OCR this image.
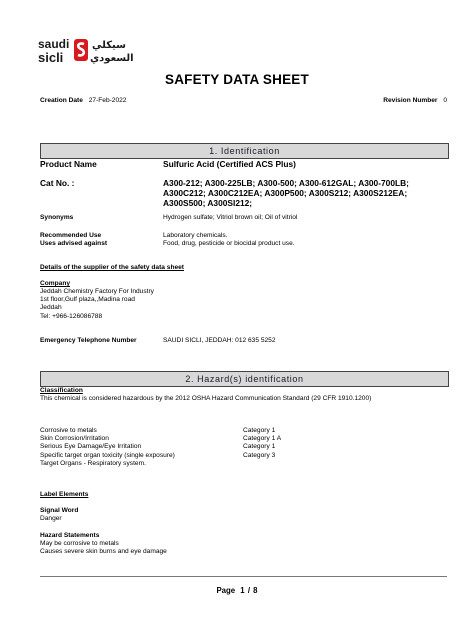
saudi
sicli
سيكلي
السعودي
SAFETY DATA SHEET
Creation Date 27-Feb-2022	Revision Number 0
1. Identification
Product Name	Sulfuric Acid (Certified ACS Plus)
Cat No. :	A300-212; A300-225LB; A300-500; A300-612GAL; A300-700LB;
A300C212; A300C212EA; A300P500; A300S212; A300S212EA;
A300S500; A300SI212;
Synonyms	Hydrogen sulfate; Vitriol brown oil; Oil of vitriol
Recommended Use	Laboratory chemicals.
Uses advised against	Food, drug, pesticide or biocidal product use.
Details of the supplier of the safety data sheet
Company
Jeddah Chemistry Factory For Industry
1st floor,Gulf plaza,,Madina road
Jeddah
Tel: +966-126086788
Emergency Telephone Number	SAUDI SICLI, JEDDAH: 012 635 5252
2. Hazard(s) identification
Classification
This chemical is considered hazardous by the 2012 OSHA Hazard Communication Standard (29 CFR 1910.1200)
Corrosive to metals	Category 1
Skin Corrosion/Irritation	Category 1 A
Serious Eye Damage/Eye Irritation	Category 1
Specific target organ toxicity (single exposure)	Category 3
Target Organs - Respiratory system.
Label Elements
Signal Word
Danger
Hazard Statements
May be corrosive to metals
Causes severe skin burns and eye damage
Page 1 / 8
